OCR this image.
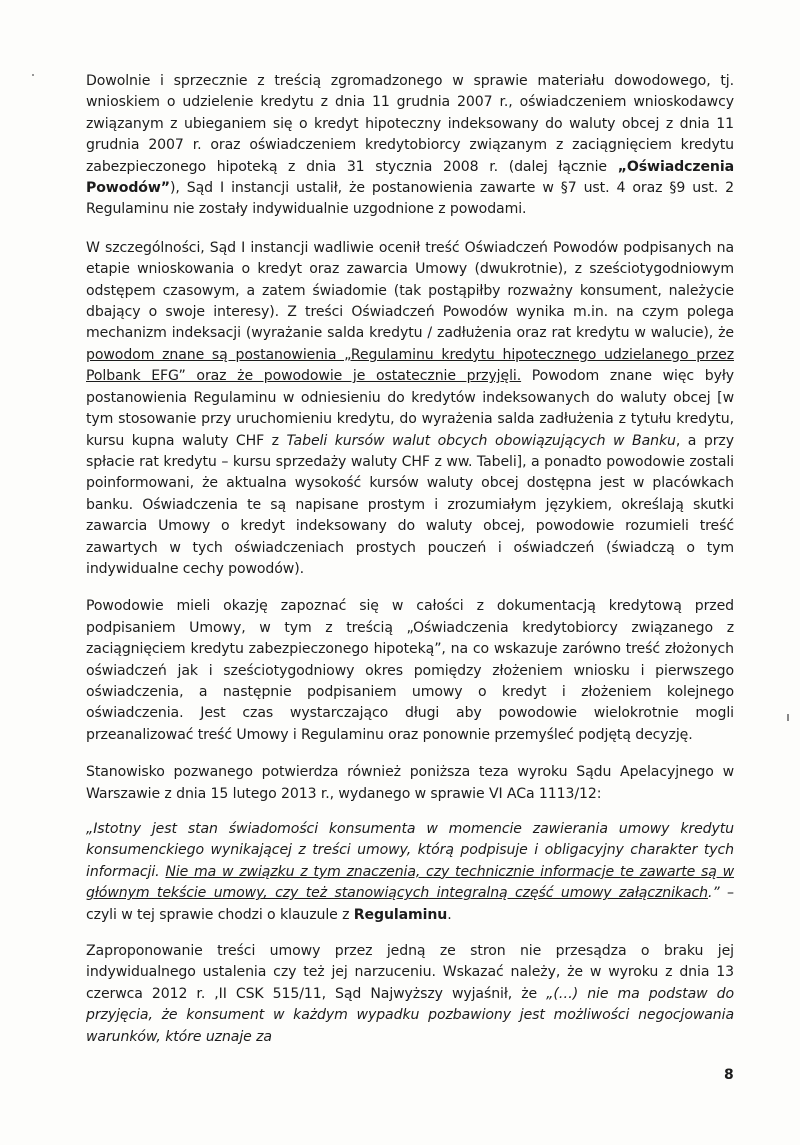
Dowolnie i sprzecznie z treścią zgromadzonego w sprawie materiału dowodowego, tj. wnioskiem o udzielenie kredytu z dnia 11 grudnia 2007 r., oświadczeniem wnioskodawcy związanym z ubieganiem się o kredyt hipoteczny indeksowany do waluty obcej z dnia 11 grudnia 2007 r. oraz oświadczeniem kredytobiorcy związanym z zaciągnięciem kredytu zabezpieczonego hipoteką z dnia 31 stycznia 2008 r. (dalej łącznie „Oświadczenia Powodów”), Sąd I instancji ustalił, że postanowienia zawarte w §7 ust. 4 oraz §9 ust. 2 Regulaminu nie zostały indywidualnie uzgodnione z powodami.

W szczególności, Sąd I instancji wadliwie ocenił treść Oświadczeń Powodów podpisanych na etapie wnioskowania o kredyt oraz zawarcia Umowy (dwukrotnie), z sześciotygodniowym odstępem czasowym, a zatem świadomie (tak postąpiłby rozważny konsument, należycie dbający o swoje interesy). Z treści Oświadczeń Powodów wynika m.in. na czym polega mechanizm indeksacji (wyrażanie salda kredytu / zadłużenia oraz rat kredytu w walucie), że powodom znane są postanowienia „Regulaminu kredytu hipotecznego udzielanego przez Polbank EFG” oraz że powodowie je ostatecznie przyjęli. Powodom znane więc były postanowienia Regulaminu w odniesieniu do kredytów indeksowanych do waluty obcej [w tym stosowanie przy uruchomieniu kredytu, do wyrażenia salda zadłużenia z tytułu kredytu, kursu kupna waluty CHF z Tabeli kursów walut obcych obowiązujących w Banku, a przy spłacie rat kredytu – kursu sprzedaży waluty CHF z ww. Tabeli], a ponadto powodowie zostali poinformowani, że aktualna wysokość kursów waluty obcej dostępna jest w placówkach banku. Oświadczenia te są napisane prostym i zrozumiałym językiem, określają skutki zawarcia Umowy o kredyt indeksowany do waluty obcej, powodowie rozumieli treść zawartych w tych oświadczeniach prostych pouczeń i oświadczeń (świadczą o tym indywidualne cechy powodów).

Powodowie mieli okazję zapoznać się w całości z dokumentacją kredytową przed podpisaniem Umowy, w tym z treścią „Oświadczenia kredytobiorcy związanego z zaciągnięciem kredytu zabezpieczonego hipoteką”, na co wskazuje zarówno treść złożonych oświadczeń jak i sześciotygodniowy okres pomiędzy złożeniem wniosku i pierwszego oświadczenia, a następnie podpisaniem umowy o kredyt i złożeniem kolejnego oświadczenia. Jest czas wystarczająco długi aby powodowie wielokrotnie mogli przeanalizować treść Umowy i Regulaminu oraz ponownie przemyśleć podjętą decyzję.

Stanowisko pozwanego potwierdza również poniższa teza wyroku Sądu Apelacyjnego w Warszawie z dnia 15 lutego 2013 r., wydanego w sprawie VI ACa 1113/12:

„Istotny jest stan świadomości konsumenta w momencie zawierania umowy kredytu konsumenckiego wynikającej z treści umowy, którą podpisuje i obligacyjny charakter tych informacji. Nie ma w związku z tym znaczenia, czy technicznie informacje te zawarte są w głównym tekście umowy, czy też stanowiących integralną część umowy załącznikach.” – czyli w tej sprawie chodzi o klauzule z Regulaminu.

Zaproponowanie treści umowy przez jedną ze stron nie przesądza o braku jej indywidualnego ustalenia czy też jej narzuceniu. Wskazać należy, że w wyroku z dnia 13 czerwca 2012 r. ,II CSK 515/11, Sąd Najwyższy wyjaśnił, że „(…) nie ma podstaw do przyjęcia, że konsument w każdym wypadku pozbawiony jest możliwości negocjowania warunków, które uznaje za

8
